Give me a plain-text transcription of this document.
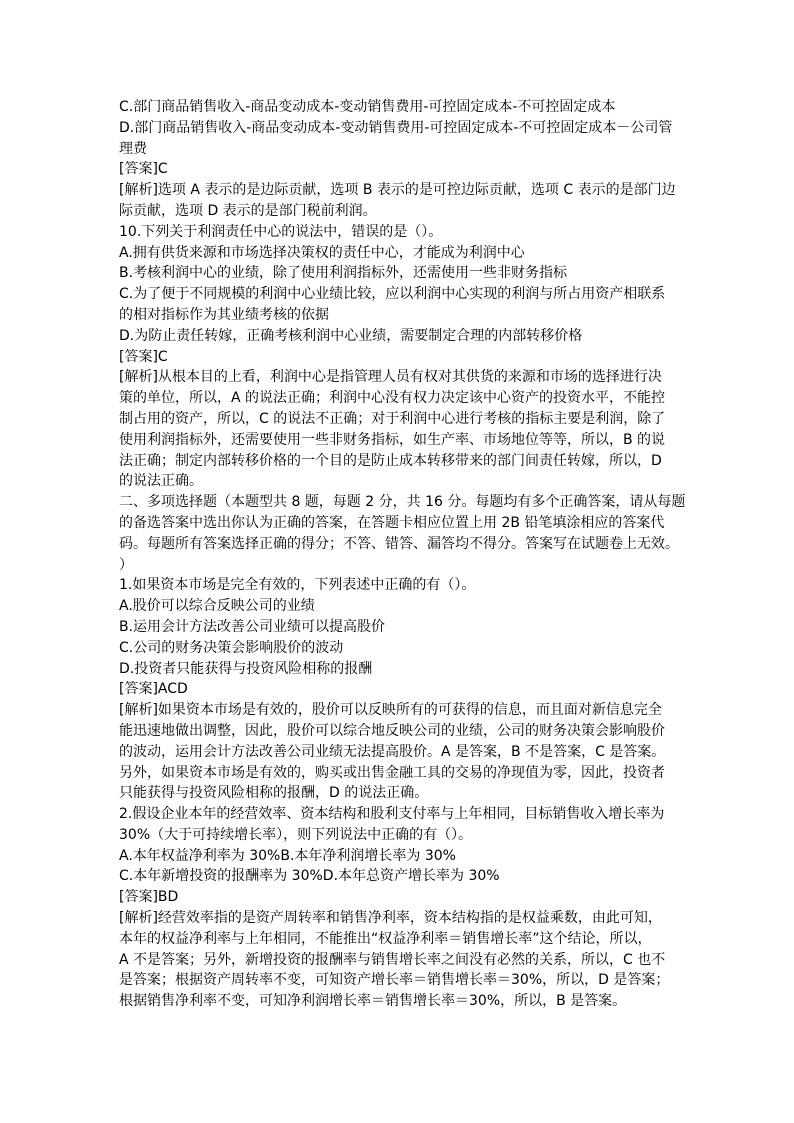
C.部门商品销售收入-商品变动成本-变动销售费用-可控固定成本-不可控固定成本
D.部门商品销售收入-商品变动成本-变动销售费用-可控固定成本-不可控固定成本－公司管
理费
[答案]C
[解析]选项 A 表示的是边际贡献，选项 B 表示的是可控边际贡献，选项 C 表示的是部门边
际贡献，选项 D 表示的是部门税前利润。
10.下列关于利润责任中心的说法中，错误的是（）。
A.拥有供货来源和市场选择决策权的责任中心，才能成为利润中心
B.考核利润中心的业绩，除了使用利润指标外，还需使用一些非财务指标
C.为了便于不同规模的利润中心业绩比较，应以利润中心实现的利润与所占用资产相联系
的相对指标作为其业绩考核的依据
D.为防止责任转嫁，正确考核利润中心业绩，需要制定合理的内部转移价格
[答案]C
[解析]从根本目的上看，利润中心是指管理人员有权对其供货的来源和市场的选择进行决
策的单位，所以，A 的说法正确；利润中心没有权力决定该中心资产的投资水平，不能控
制占用的资产，所以，C 的说法不正确；对于利润中心进行考核的指标主要是利润，除了
使用利润指标外，还需要使用一些非财务指标，如生产率、市场地位等等，所以，B 的说
法正确；制定内部转移价格的一个目的是防止成本转移带来的部门间责任转嫁，所以，D
的说法正确。
二、多项选择题（本题型共 8 题，每题 2 分，共 16 分。每题均有多个正确答案，请从每题
的备选答案中选出你认为正确的答案，在答题卡相应位置上用 2B 铅笔填涂相应的答案代
码。每题所有答案选择正确的得分；不答、错答、漏答均不得分。答案写在试题卷上无效。
）
1.如果资本市场是完全有效的，下列表述中正确的有（）。
A.股价可以综合反映公司的业绩
B.运用会计方法改善公司业绩可以提高股价
C.公司的财务决策会影响股价的波动
D.投资者只能获得与投资风险相称的报酬
[答案]ACD
[解析]如果资本市场是有效的，股价可以反映所有的可获得的信息，而且面对新信息完全
能迅速地做出调整，因此，股价可以综合地反映公司的业绩，公司的财务决策会影响股价
的波动，运用会计方法改善公司业绩无法提高股价。A 是答案，B 不是答案，C 是答案。
另外，如果资本市场是有效的，购买或出售金融工具的交易的净现值为零，因此，投资者
只能获得与投资风险相称的报酬，D 的说法正确。
2.假设企业本年的经营效率、资本结构和股利支付率与上年相同，目标销售收入增长率为
30%（大于可持续增长率），则下列说法中正确的有（）。
A.本年权益净利率为 30%B.本年净利润增长率为 30%
C.本年新增投资的报酬率为 30%D.本年总资产增长率为 30%
[答案]BD
[解析]经营效率指的是资产周转率和销售净利率，资本结构指的是权益乘数，由此可知，
本年的权益净利率与上年相同，不能推出“权益净利率＝销售增长率”这个结论，所以，
A 不是答案；另外，新增投资的报酬率与销售增长率之间没有必然的关系，所以，C 也不
是答案；根据资产周转率不变，可知资产增长率＝销售增长率＝30%，所以，D 是答案；
根据销售净利率不变，可知净利润增长率＝销售增长率＝30%，所以，B 是答案。
